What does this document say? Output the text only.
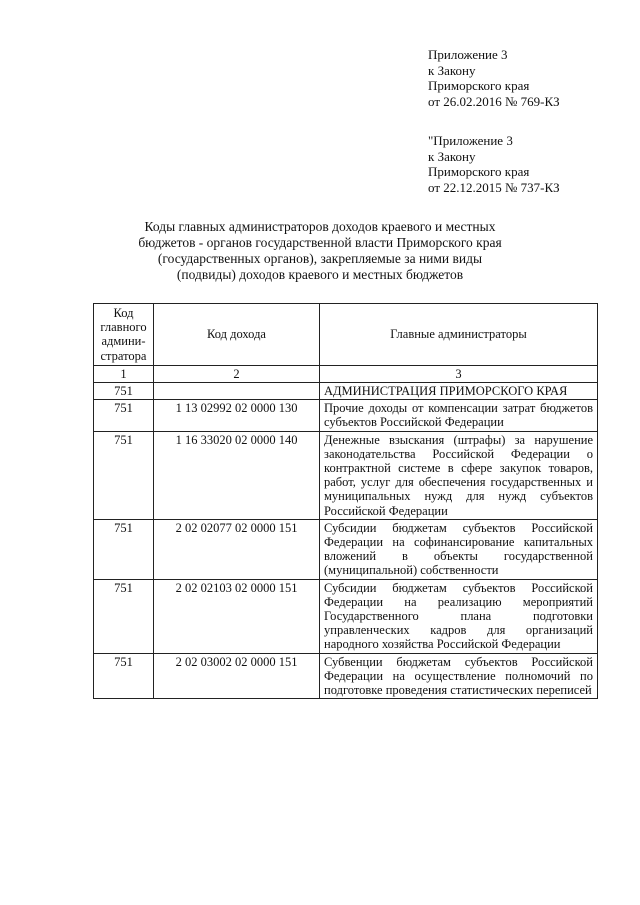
Приложение 3
к Закону
Приморского края
от 26.02.2016 № 769-КЗ
"Приложение 3
к Закону
Приморского края
от 22.12.2015 № 737-КЗ
Коды главных администраторов доходов краевого и местных
бюджетов - органов государственной власти Приморского края
(государственных органов), закрепляемые за ними виды
(подвиды) доходов краевого и местных бюджетов
Код
главного
админи-
стратора	Код дохода	Главные администраторы
1	2	3
751		АДМИНИСТРАЦИЯ ПРИМОРСКОГО КРАЯ
751	1 13 02992 02 0000 130	Прочие доходы от компенсации затрат бюджетов субъектов Российской Федерации
751	1 16 33020 02 0000 140	Денежные взыскания (штрафы) за нарушение законодательства Российской Федерации о контрактной системе в сфере закупок товаров, работ, услуг для обеспечения государственных и муниципальных нужд для нужд субъектов Российской Федерации
751	2 02 02077 02 0000 151	Субсидии бюджетам субъектов Российской Федерации на софинансирование капитальных вложений в объекты государственной (муниципальной) собственности
751	2 02 02103 02 0000 151	Субсидии бюджетам субъектов Российской Федерации на реализацию мероприятий Государственного плана подготовки управленческих кадров для организаций народного хозяйства Российской Федерации
751	2 02 03002 02 0000 151	Субвенции бюджетам субъектов Российской Федерации на осуществление полномочий по подготовке проведения статистических переписей
